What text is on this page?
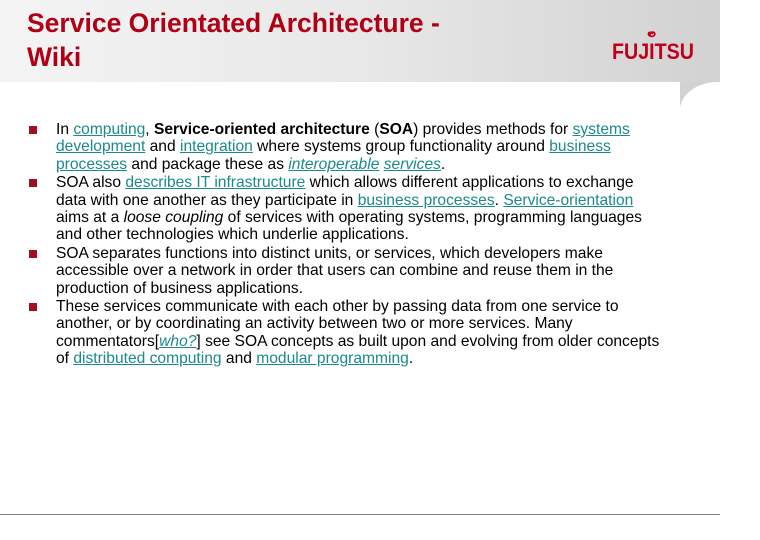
Service Orientated Architecture -
Wiki	FUJITSU
In computing, Service-oriented architecture (SOA) provides methods for systems development and integration where systems group functionality around business processes and package these as interoperable services.
SOA also describes IT infrastructure which allows different applications to exchange data with one another as they participate in business processes. Service-orientation aims at a loose coupling of services with operating systems, programming languages and other technologies which underlie applications.
SOA separates functions into distinct units, or services, which developers make accessible over a network in order that users can combine and reuse them in the production of business applications.
These services communicate with each other by passing data from one service to another, or by coordinating an activity between two or more services. Many commentators[who?] see SOA concepts as built upon and evolving from older concepts of distributed computing and modular programming.
